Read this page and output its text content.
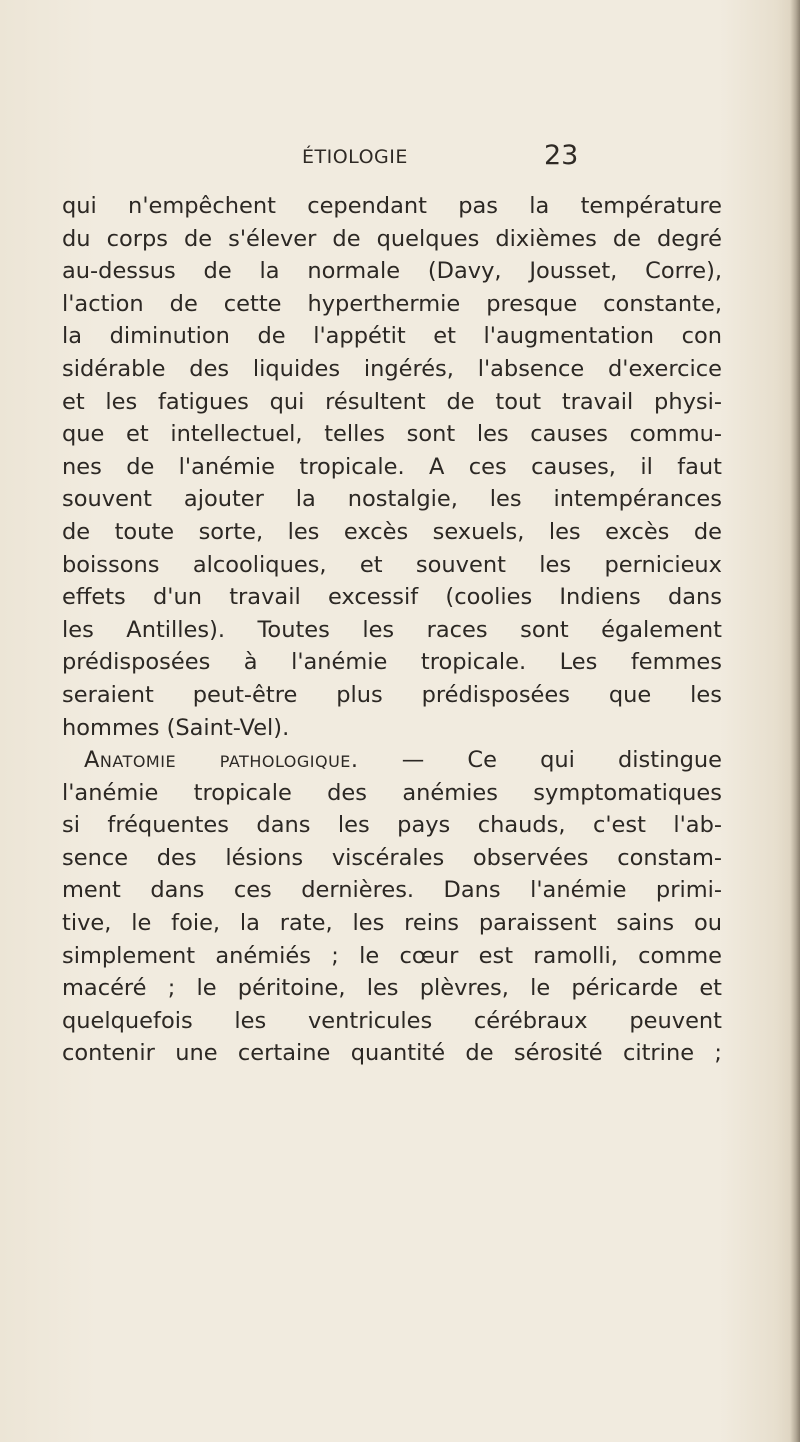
ÉTIOLOGIE	23
qui n'empêchent cependant pas la température
du corps de s'élever de quelques dixièmes de degré
au-dessus de la normale (Davy, Jousset, Corre),
l'action de cette hyperthermie presque constante,
la diminution de l'appétit et l'augmentation con
sidérable des liquides ingérés, l'absence d'exercice
et les fatigues qui résultent de tout travail physi-
que et intellectuel, telles sont les causes commu-
nes de l'anémie tropicale. A ces causes, il faut
souvent ajouter la nostalgie, les intempérances
de toute sorte, les excès sexuels, les excès de
boissons alcooliques, et souvent les pernicieux
effets d'un travail excessif (coolies Indiens dans
les Antilles). Toutes les races sont également
prédisposées à l'anémie tropicale. Les femmes
seraient peut-être plus prédisposées que les
hommes (Saint-Vel).
Anatomie pathologique. — Ce qui distingue
l'anémie tropicale des anémies symptomatiques
si fréquentes dans les pays chauds, c'est l'ab-
sence des lésions viscérales observées constam-
ment dans ces dernières. Dans l'anémie primi-
tive, le foie, la rate, les reins paraissent sains ou
simplement anémiés ; le cœur est ramolli, comme
macéré ; le péritoine, les plèvres, le péricarde et
quelquefois les ventricules cérébraux peuvent
contenir une certaine quantité de sérosité citrine ;
